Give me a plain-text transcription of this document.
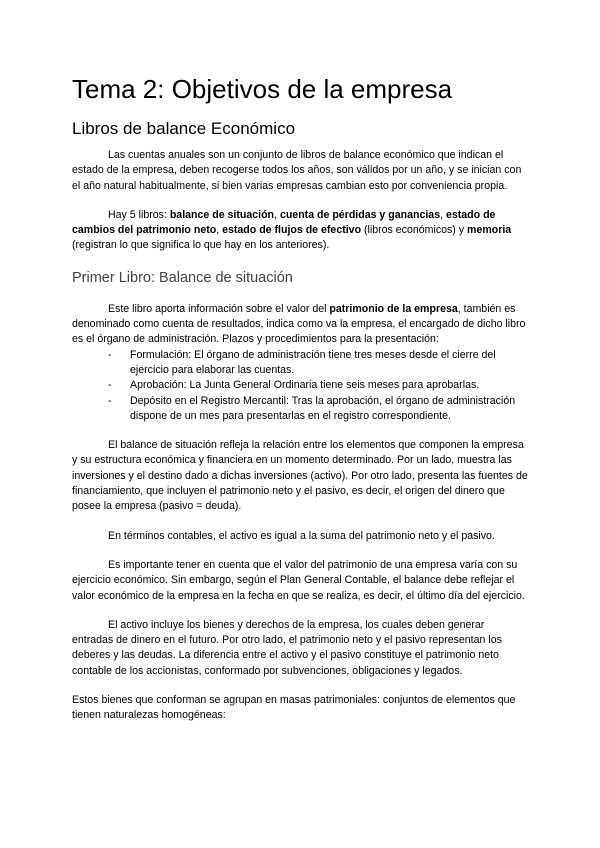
Tema 2: Objetivos de la empresa
Libros de balance Económico

Las cuentas anuales son un conjunto de libros de balance económico que indican el estado de la empresa, deben recogerse todos los años, son válidos por un año, y se inician con el año natural habitualmente, si bien varias empresas cambian esto por conveniencia propia.

Hay 5 libros: balance de situación, cuenta de pérdidas y ganancias, estado de cambios del patrimonio neto, estado de flujos de efectivo (libros económicos) y memoria (registran lo que significa lo que hay en los anteriores).

Primer Libro: Balance de situación

Este libro aporta información sobre el valor del patrimonio de la empresa, también es denominado como cuenta de resultados, indica como va la empresa, el encargado de dicho libro es el órgano de administración. Plazos y procedimientos para la presentación:

- Formulación: El órgano de administración tiene tres meses desde el cierre del ejercicio para elaborar las cuentas.
- Aprobación: La Junta General Ordinaria tiene seis meses para aprobarlas.
- Depósito en el Registro Mercantil: Tras la aprobación, el órgano de administración dispone de un mes para presentarlas en el registro correspondiente.

El balance de situación refleja la relación entre los elementos que componen la empresa y su estructura económica y financiera en un momento determinado. Por un lado, muestra las inversiones y el destino dado a dichas inversiones (activo). Por otro lado, presenta las fuentes de financiamiento, que incluyen el patrimonio neto y el pasivo, es decir, el origen del dinero que posee la empresa (pasivo = deuda).

En términos contables, el activo es igual a la suma del patrimonio neto y el pasivo.

Es importante tener en cuenta que el valor del patrimonio de una empresa varía con su ejercicio económico. Sin embargo, según el Plan General Contable, el balance debe reflejar el valor económico de la empresa en la fecha en que se realiza, es decir, el último día del ejercicio.

El activo incluye los bienes y derechos de la empresa, los cuales deben generar entradas de dinero en el futuro. Por otro lado, el patrimonio neto y el pasivo representan los deberes y las deudas. La diferencia entre el activo y el pasivo constituye el patrimonio neto contable de los accionistas, conformado por subvenciones, obligaciones y legados.

Estos bienes que conforman se agrupan en masas patrimoniales: conjuntos de elementos que tienen naturalezas homogéneas:
